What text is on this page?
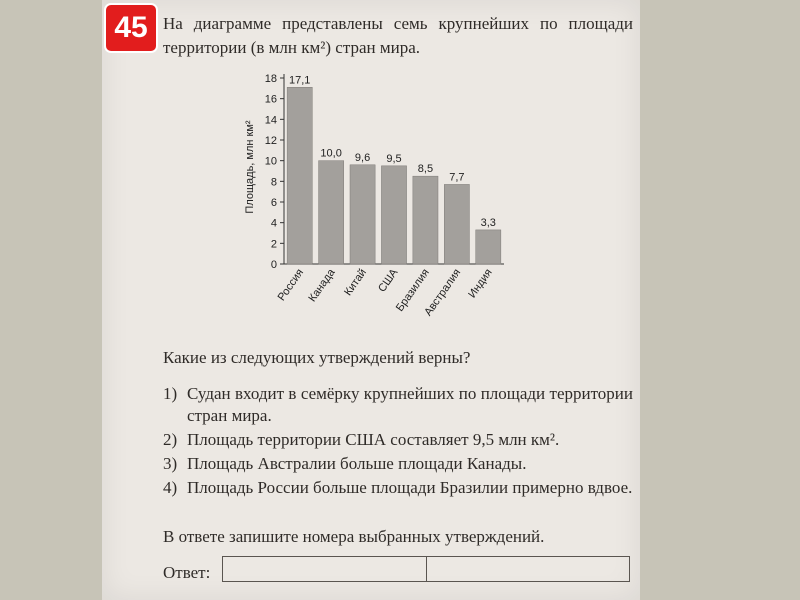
45 На диаграмме представлены семь крупнейших по площади территории (в млн км²) стран мира.
0
2
4
6
8
10
12
14
16
18
Площадь, млн км²
17,1
Россия
10,0
Канада
9,6
Китай
9,5
США
8,5
Бразилия
7,7
Австралия
3,3
Индия
Какие из следующих утверждений верны?
1) Судан входит в семёрку крупнейших по площади территории стран мира.
2) Площадь территории США составляет 9,5 млн км².
3) Площадь Австралии больше площади Канады.
4) Площадь России больше площади Бразилии примерно вдвое.
В ответе запишите номера выбранных утверждений.
Ответ:
